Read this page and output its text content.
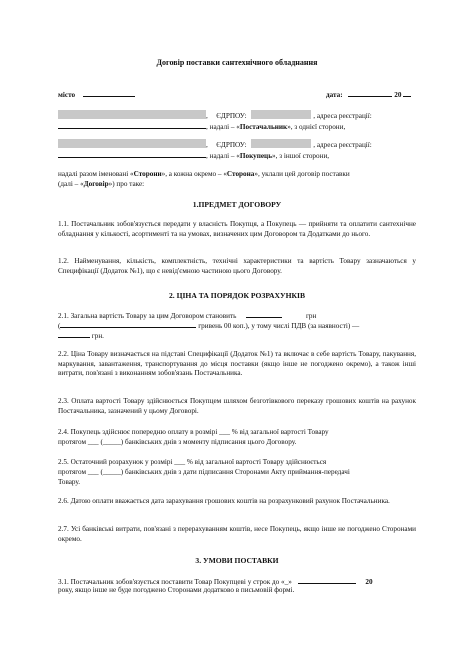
Договір поставки сантехнічного обладнання
місто	дата:	20
,   ЄДРПОУ:	, адреса реєстрації:
, надалі – «Постачальник», з однієї сторони,
,   ЄДРПОУ:	, адреса реєстрації:
, надалі – «Покупець», з іншої сторони,
надалі разом іменовані «Сторони», а кожна окремо – «Сторона», уклали цей договір поставки
(далі – «Договір») про таке:
1.ПРЕДМЕТ ДОГОВОРУ
1.1. Постачальник зобов'язується передати у власність Покупця, а Покупець — прийняти та оплатити сантехнічне обладнання у кількості, асортименті та на умовах, визначених цим Договором та Додатками до нього.
1.2. Найменування, кількість, комплектність, технічні характеристики та вартість Товару зазначаються у Специфікації (Додаток №1), що є невід'ємною частиною цього Договору.
2. ЦІНА ТА ПОРЯДОК РОЗРАХУНКІВ
2.1. Загальна вартість Товару за цим Договором становить	грн
(	гривень 00 коп.), у тому числі ПДВ (за наявності) —
грн.
2.2. Ціна Товару визначається на підставі Специфікації (Додаток №1) та включає в себе вартість Товару, пакування, маркування, завантаження, транспортування до місця поставки (якщо інше не погоджено окремо), а також інші витрати, пов'язані з виконанням зобов'язань Постачальника.
2.3. Оплата вартості Товару здійснюється Покупцем шляхом безготівкового переказу грошових коштів на рахунок Постачальника, зазначений у цьому Договорі.
2.4. Покупець здійснює попередню оплату в розмірі ___ % від загальної вартості Товару
протягом ___ (_____) банківських днів з моменту підписання цього Договору.
2.5. Остаточний розрахунок у розмірі ___ % від загальної вартості Товару здійснюється
протягом ___ (_____) банківських днів з дати підписання Сторонами Акту приймання-передачі
Товару.
2.6. Датою оплати вважається дата зарахування грошових коштів на розрахунковий рахунок Постачальника.
2.7. Усі банківські витрати, пов'язані з перерахуванням коштів, несе Покупець, якщо інше не погоджено Сторонами окремо.
3. УМОВИ ПОСТАВКИ
3.1. Постачальник зобов'язується поставити Товар Покупцеві у строк до «_»	20
року, якщо інше не буде погоджено Сторонами додатково в письмовій формі.
